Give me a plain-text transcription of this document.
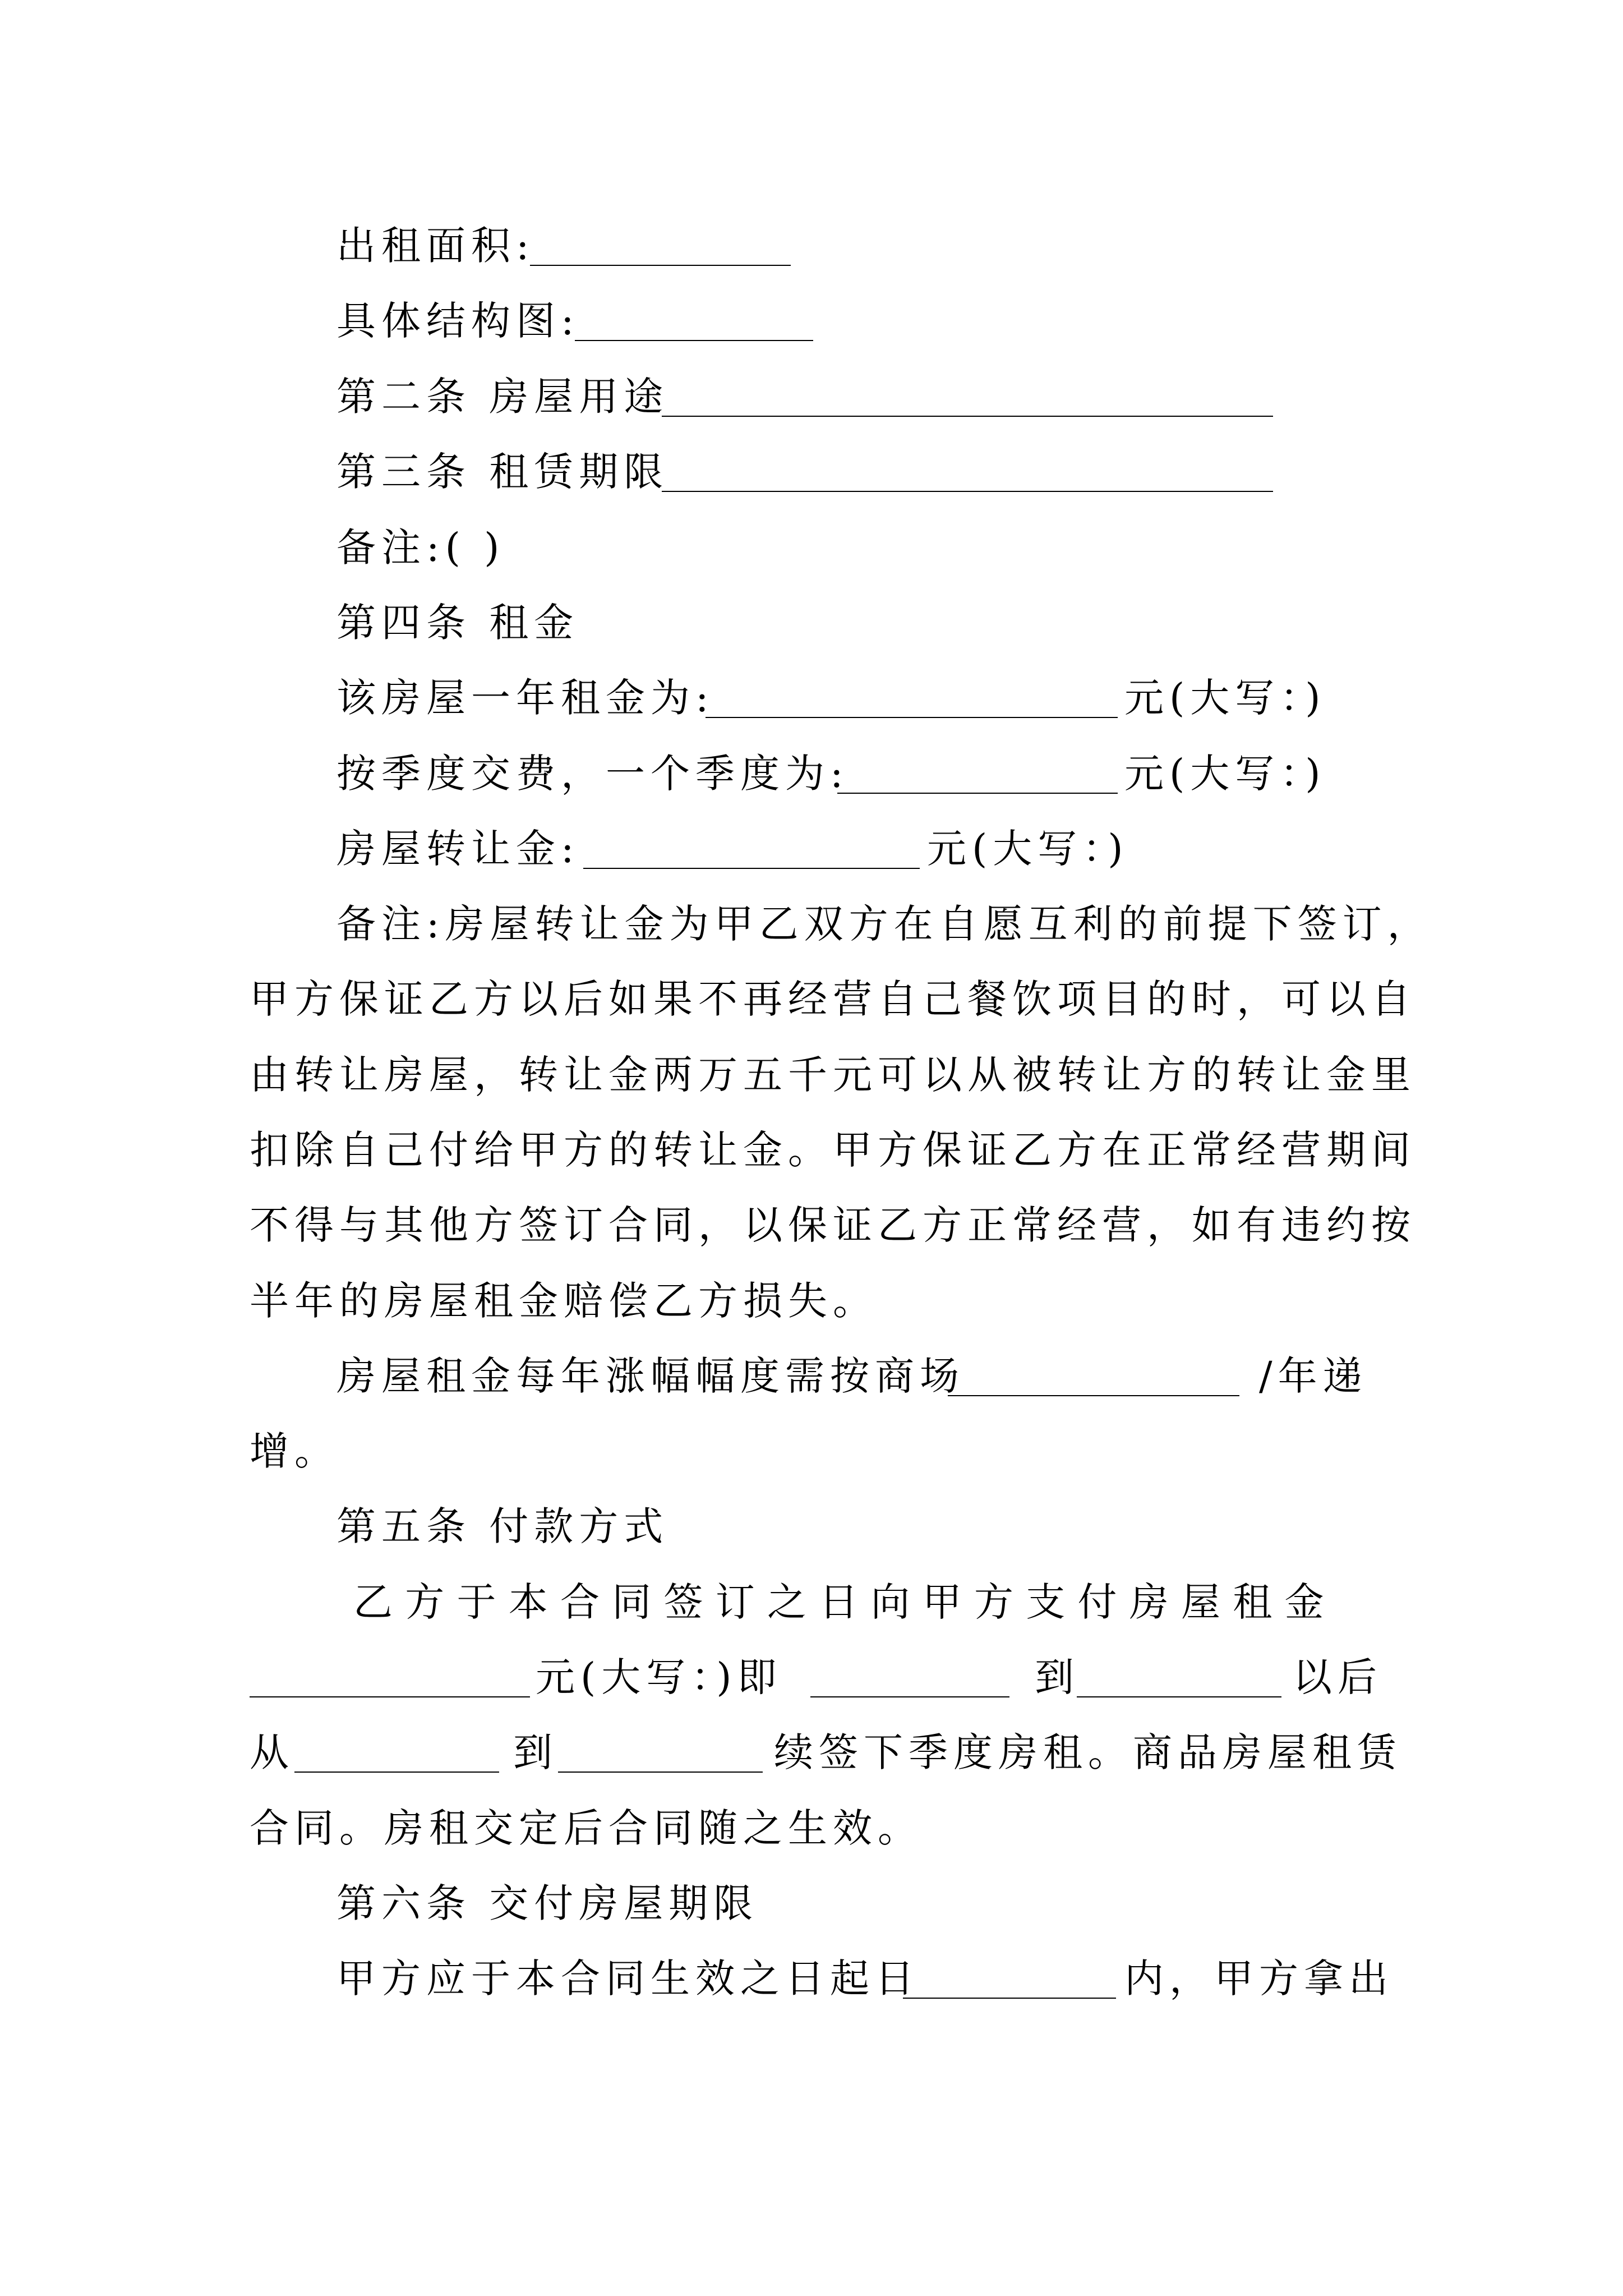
出租面积:
具体结构图:
第二条 房屋用途
第三条 租赁期限
备注:( )
第四条 租金
该房屋一年租金为:	元(大写：)
按季度交费，一个季度为:	元(大写：)
房屋转让金:	元(大写：)
备注:房屋转让金为甲乙双方在自愿互利的前提下签订，
甲方保证乙方以后如果不再经营自己餐饮项目的时，可以自
由转让房屋，转让金两万五千元可以从被转让方的转让金里
扣除自己付给甲方的转让金。甲方保证乙方在正常经营期间
不得与其他方签订合同，以保证乙方正常经营，如有违约按
半年的房屋租金赔偿乙方损失。
房屋租金每年涨幅幅度需按商场	/年递
增。
第五条 付款方式
乙 方 于 本 合 同 签 订 之 日 向 甲 方 支 付 房 屋 租 金
元(大写：)即	到	以后
从	到	续签下季度房租。商品房屋租赁
合同。房租交定后合同随之生效。
第六条 交付房屋期限
甲方应于本合同生效之日起日	内，甲方拿出
